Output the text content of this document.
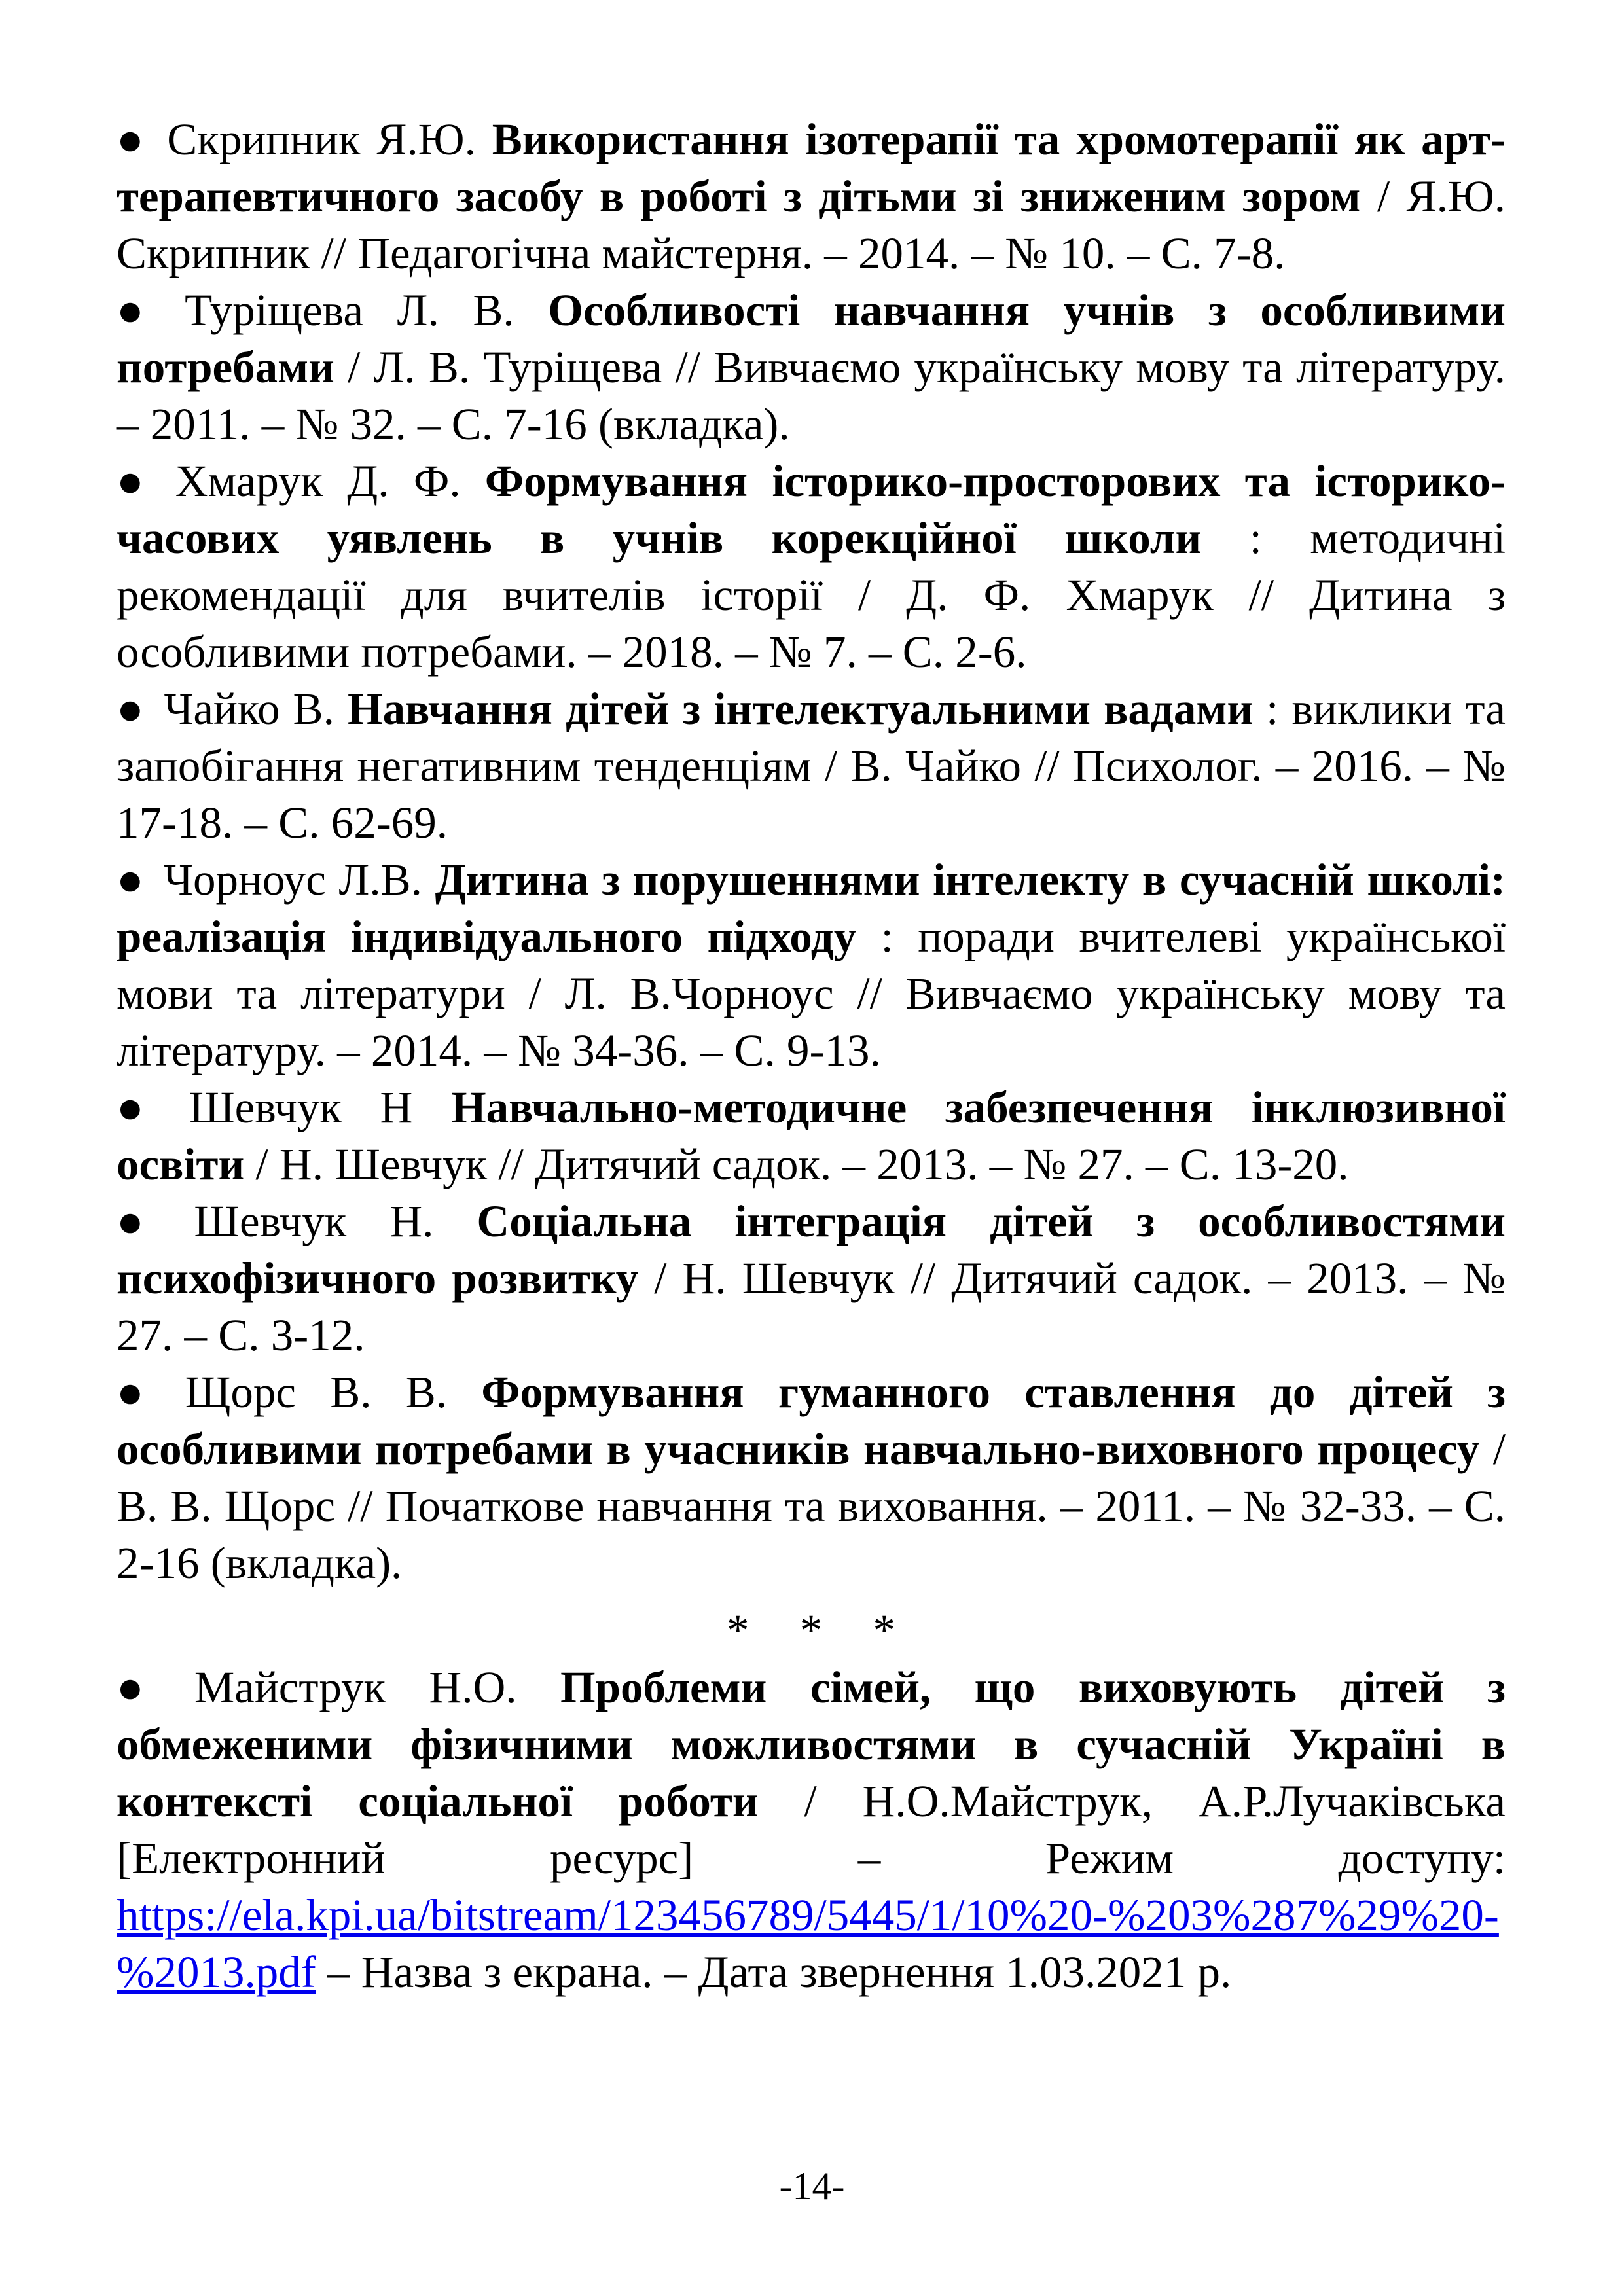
● Скрипник Я.Ю. Використання ізотерапії та хромотерапії як арт-терапевтичного засобу в роботі з дітьми зі зниженим зором / Я.Ю. Скрипник // Педагогічна майстерня. – 2014. – № 10. – С. 7-8.

● Туріщева Л. В. Особливості навчання учнів з особливими потребами / Л. В. Туріщева // Вивчаємо українську мову та літературу. – 2011. – № 32. – С. 7-16 (вкладка).

● Хмарук Д. Ф. Формування історико-просторових та історико-часових уявлень в учнів корекційної школи : методичні рекомендації для вчителів історії / Д. Ф. Хмарук // Дитина з особливими потребами. – 2018. – № 7. – С. 2-6.

● Чайко В. Навчання дітей з інтелектуальними вадами : виклики та запобігання негативним тенденціям / В. Чайко // Психолог. – 2016. – № 17-18. – С. 62-69.

● Чорноус Л.В. Дитина з порушеннями інтелекту в сучасній школі: реалізація індивідуального підходу : поради вчителеві української мови та літератури / Л. В.Чорноус // Вивчаємо українську мову та літературу. – 2014. – № 34-36. – С. 9-13.

● Шевчук Н Навчально-методичне забезпечення інклюзивної освіти / Н. Шевчук // Дитячий садок. – 2013. – № 27. – С. 13-20.

● Шевчук Н. Соціальна інтеграція дітей з особливостями психофізичного розвитку / Н. Шевчук // Дитячий садок. – 2013. – № 27. – С. 3-12.

● Щорс В. В. Формування гуманного ставлення до дітей з особливими потребами в учасників навчально-виховного процесу / В. В. Щорс // Початкове навчання та виховання. – 2011. – № 32-33. – С. 2-16 (вкладка).

* * *

● Майструк Н.О. Проблеми сімей, що виховують дітей з обмеженими фізичними можливостями в сучасній Україні в контексті соціальної роботи / Н.О.Майструк, А.Р.Лучаківська [Електронний ресурс] – Режим доступу: https://ela.kpi.ua/bitstream/123456789/5445/1/10%20-%203%287%29%20-%2013.pdf – Назва з екрана. – Дата звернення 1.03.2021 р.

-14-
